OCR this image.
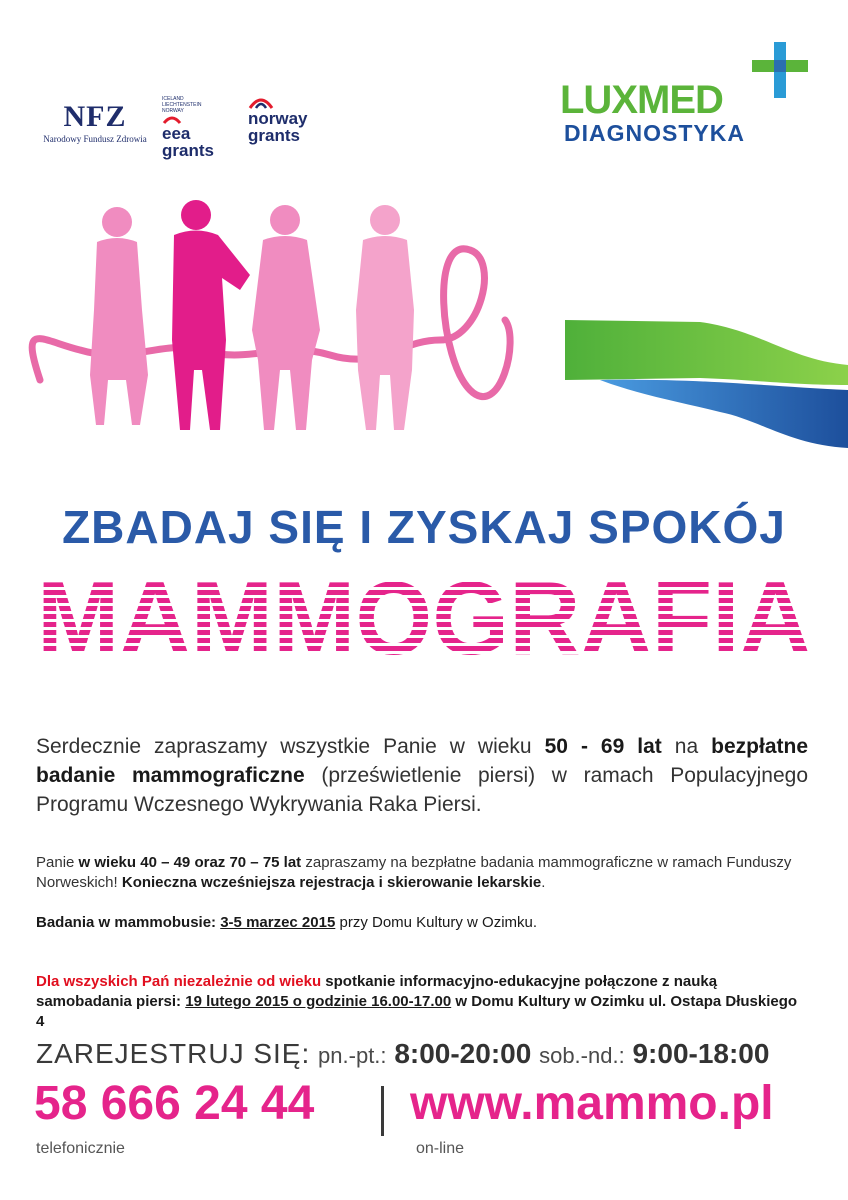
NFZ
Narodowy Fundusz Zdrowia
ICELAND LIECHTENSTEIN NORWAY
eea
grants
norway
grants
LUXMED
DIAGNOSTYKA
ZBADAJ SIĘ I ZYSKAJ SPOKÓJ
MAMMOGRAFIA
Serdecznie zapraszamy wszystkie Panie w wieku 50 - 69 lat na bezpłatne badanie mammograficzne (prześwietlenie piersi) w ramach Populacyjnego Programu Wczesnego Wykrywania Raka Piersi.
Panie w wieku 40 – 49 oraz 70 – 75 lat zapraszamy na bezpłatne badania mammograficzne w ramach Funduszy Norweskich! Konieczna wcześniejsza rejestracja i skierowanie lekarskie.
Badania w mammobusie: 3-5 marzec 2015 przy Domu Kultury w Ozimku.
Dla wszyskich Pań niezależnie od wieku spotkanie informacyjno-edukacyjne połączone z nauką samobadania piersi: 19 lutego 2015 o godzinie 16.00-17.00 w Domu Kultury w Ozimku ul. Ostapa Dłuskiego 4
ZAREJESTRUJ SIĘ: pn.-pt.: 8:00-20:00 sob.-nd.: 9:00-18:00
58 666 24 44 www.mammo.pl
telefonicznie	on-line
